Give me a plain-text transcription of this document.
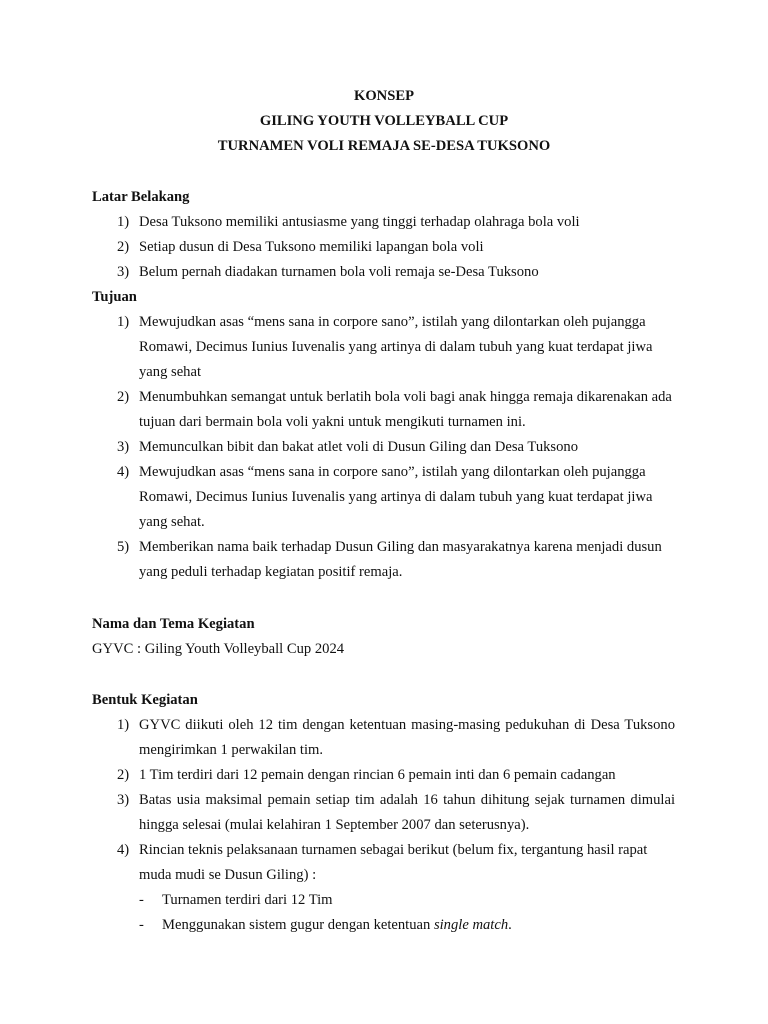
KONSEP
GILING YOUTH VOLLEYBALL CUP
TURNAMEN VOLI REMAJA SE-DESA TUKSONO
Latar Belakang
1) Desa Tuksono memiliki antusiasme yang tinggi terhadap olahraga bola voli
2) Setiap dusun di Desa Tuksono memiliki lapangan bola voli
3) Belum pernah diadakan turnamen bola voli remaja se-Desa Tuksono
Tujuan
1) Mewujudkan asas “mens sana in corpore sano”, istilah yang dilontarkan oleh pujangga Romawi, Decimus Iunius Iuvenalis yang artinya di dalam tubuh yang kuat terdapat jiwa yang sehat
2) Menumbuhkan semangat untuk berlatih bola voli bagi anak hingga remaja dikarenakan ada tujuan dari bermain bola voli yakni untuk mengikuti turnamen ini.
3) Memunculkan bibit dan bakat atlet voli di Dusun Giling dan Desa Tuksono
4) Mewujudkan asas “mens sana in corpore sano”, istilah yang dilontarkan oleh pujangga Romawi, Decimus Iunius Iuvenalis yang artinya di dalam tubuh yang kuat terdapat jiwa yang sehat.
5) Memberikan nama baik terhadap Dusun Giling dan masyarakatnya karena menjadi dusun yang peduli terhadap kegiatan positif remaja.
Nama dan Tema Kegiatan
GYVC : Giling Youth Volleyball Cup 2024
Bentuk Kegiatan
1) GYVC diikuti oleh 12 tim dengan ketentuan masing-masing pedukuhan di Desa Tuksono mengirimkan 1 perwakilan tim.
2) 1 Tim terdiri dari 12 pemain dengan rincian 6 pemain inti dan 6 pemain cadangan
3) Batas usia maksimal pemain setiap tim adalah 16 tahun dihitung sejak turnamen dimulai hingga selesai (mulai kelahiran 1 September 2007 dan seterusnya).
4) Rincian teknis pelaksanaan turnamen sebagai berikut (belum fix, tergantung hasil rapat muda mudi se Dusun Giling) :
- Turnamen terdiri dari 12 Tim
- Menggunakan sistem gugur dengan ketentuan single match.
